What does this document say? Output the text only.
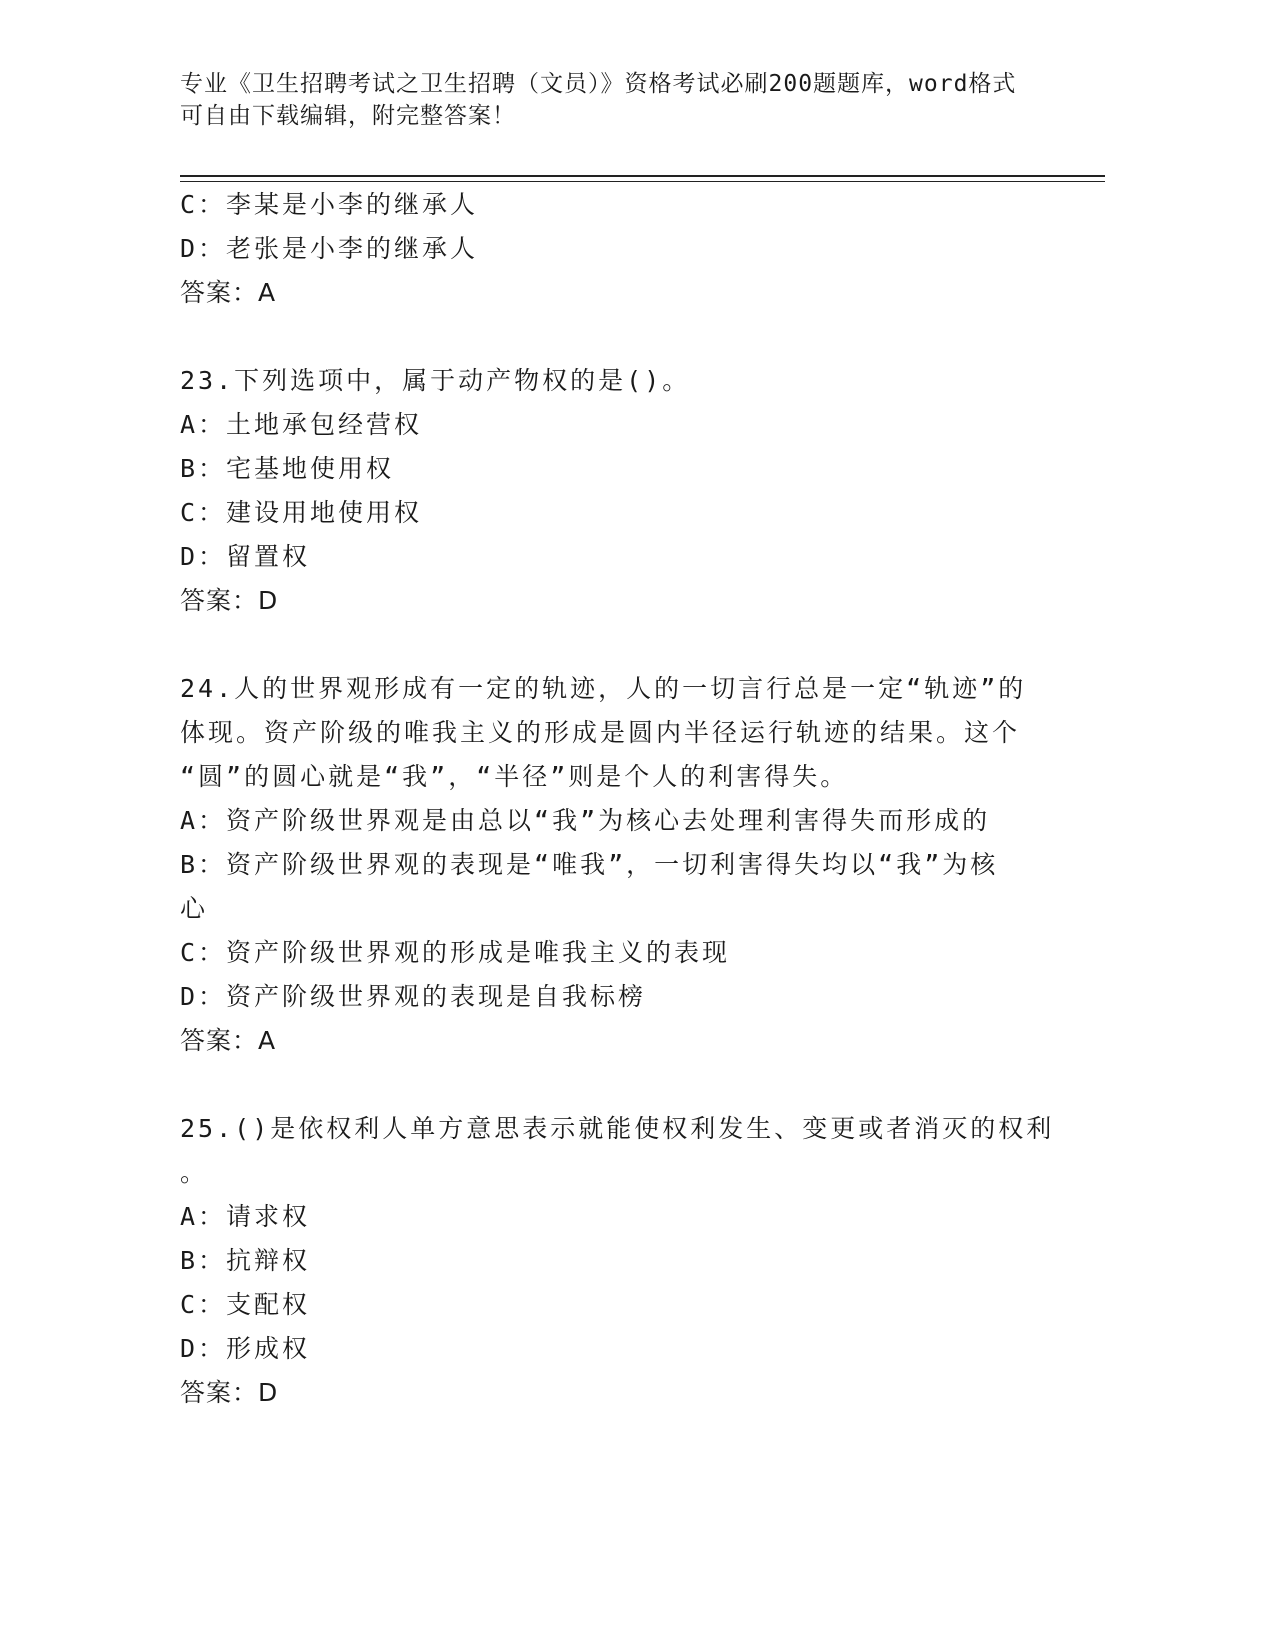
专业《卫生招聘考试之卫生招聘（文员）》资格考试必刷200题题库，word格式
可自由下载编辑，附完整答案！
C：李某是小李的继承人
D：老张是小李的继承人
答案：A
23.下列选项中，属于动产物权的是()。
A：土地承包经营权
B：宅基地使用权
C：建设用地使用权
D：留置权
答案：D
24.人的世界观形成有一定的轨迹，人的一切言行总是一定“轨迹”的
体现。资产阶级的唯我主义的形成是圆内半径运行轨迹的结果。这个
“圆”的圆心就是“我”，“半径”则是个人的利害得失。
A：资产阶级世界观是由总以“我”为核心去处理利害得失而形成的
B：资产阶级世界观的表现是“唯我”，一切利害得失均以“我”为核
心
C：资产阶级世界观的形成是唯我主义的表现
D：资产阶级世界观的表现是自我标榜
答案：A
25.()是依权利人单方意思表示就能使权利发生、变更或者消灭的权利
。
A：请求权
B：抗辩权
C：支配权
D：形成权
答案：D
